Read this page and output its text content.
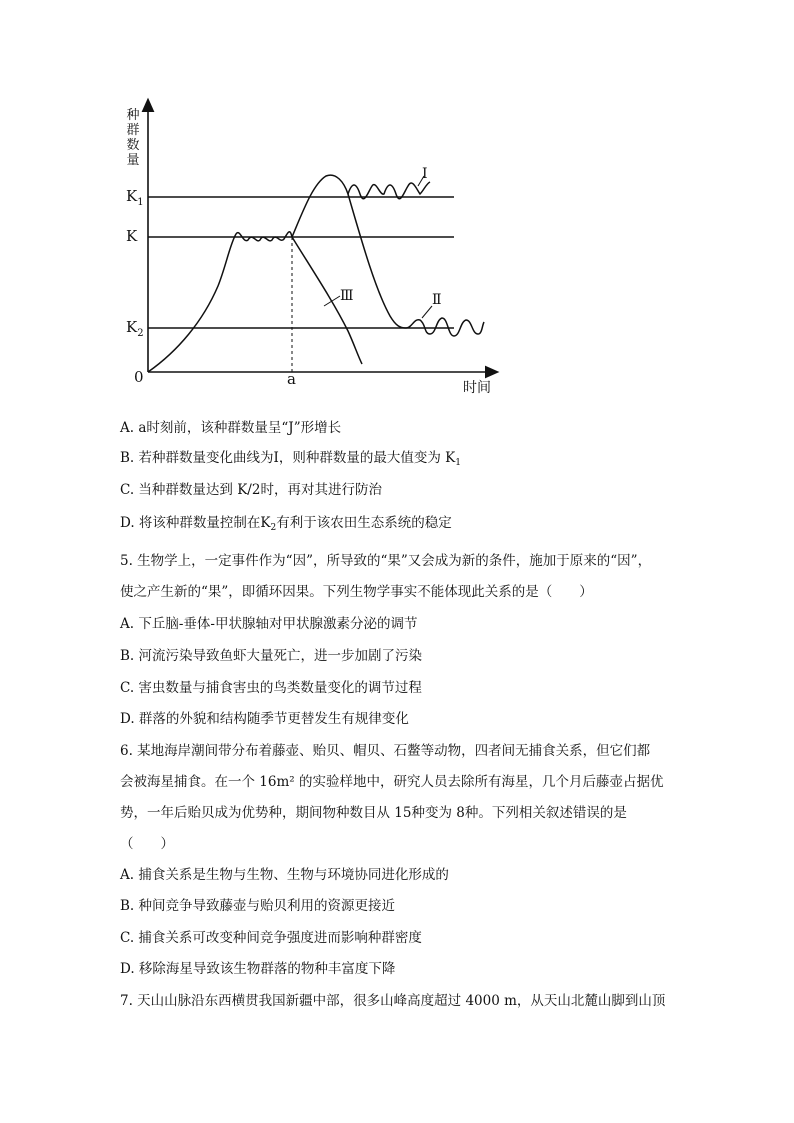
种群数量
$K_1$
K
$K_2$
0	a	时间
Ⅰ
Ⅱ
Ⅲ
A. a时刻前，该种群数量呈“J”形增长
B. 若种群数量变化曲线为Ⅰ，则种群数量的最大值变为 $K_1$
C. 当种群数量达到 K/2时，再对其进行防治
D. 将该种群数量控制在$K_2$有利于该农田生态系统的稳定
5. 生物学上，一定事件作为“因”，所导致的“果”又会成为新的条件，施加于原来的“因”，
使之产生新的“果”，即循环因果。下列生物学事实不能体现此关系的是（　　）
A. 下丘脑-垂体-甲状腺轴对甲状腺激素分泌的调节
B. 河流污染导致鱼虾大量死亡，进一步加剧了污染
C. 害虫数量与捕食害虫的鸟类数量变化的调节过程
D. 群落的外貌和结构随季节更替发生有规律变化
6. 某地海岸潮间带分布着藤壶、贻贝、帽贝、石鳖等动物，四者间无捕食关系，但它们都
会被海星捕食。在一个 16m² 的实验样地中，研究人员去除所有海星，几个月后藤壶占据优
势，一年后贻贝成为优势种，期间物种数目从 15种变为 8种。下列相关叙述错误的是
（　　）
A. 捕食关系是生物与生物、生物与环境协同进化形成的
B. 种间竞争导致藤壶与贻贝利用的资源更接近
C. 捕食关系可改变种间竞争强度进而影响种群密度
D. 移除海星导致该生物群落的物种丰富度下降
7. 天山山脉沿东西横贯我国新疆中部，很多山峰高度超过 4000 m，从天山北麓山脚到山顶
